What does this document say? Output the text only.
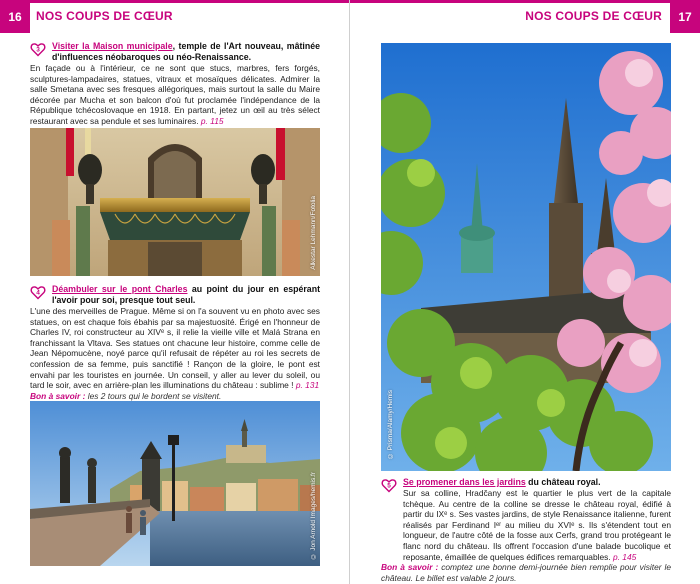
16	NOS COUPS DE CŒUR
3	Visiter la Maison municipale, temple de l'Art nouveau, mâtinée d'influences néobaroques ou néo-Renaissance.
En façade ou à l'intérieur, ce ne sont que stucs, marbres, fers forgés, sculptures-lampadaires, statues, vitraux et mosaïques délicates. Admirer la salle Smetana avec ses fresques allégoriques, mais surtout la salle du Maire décorée par Mucha et son balcon d'où fut proclamée l'indépendance de la République tchécoslovaque en 1918. En partant, jetez un œil au très sélect restaurant avec sa pendule et ses luminaires. p. 115
Alkestar Lehmann/Fotolia
4	Déambuler sur le pont Charles au point du jour en espérant l'avoir pour soi, presque tout seul.
L'une des merveilles de Prague. Même si on l'a souvent vu en photo avec ses statues, on est chaque fois ébahis par sa majestuosité. Érigé en l'honneur de Charles IV, roi constructeur au XIVᵉ s, il relie la vieille ville et Malá Strana en franchissant la Vltava. Ses statues ont chacune leur histoire, comme celle de Jean Népomucène, noyé parce qu'il refusait de répéter au roi les secrets de confession de sa femme, puis sanctifié ! Rançon de la gloire, le pont est envahi par les touristes en journée. Un conseil, y aller au lever du soleil, ou tard le soir, avec en arrière-plan les illuminations du château : sublime ! p. 131
Bon à savoir : les 2 tours qui le bordent se visitent.
© Jon Arnold Images/hemis.fr
17
NOS COUPS DE CŒUR
© Prisma/Alamy/Hemis
5	Se promener dans les jardins du château royal.
Sur sa colline, Hradčany est le quartier le plus vert de la capitale tchèque. Au centre de la colline se dresse le château royal, édifié à partir du IXᵉ s. Ses vastes jardins, de style Renaissance italienne, furent réalisés par Ferdinand Iᵉʳ au milieu du XVIᵉ s. Ils s'étendent tout en longueur, de l'autre côté de la fosse aux Cerfs, grand trou protégeant le flanc nord du château. Ils offrent l'occasion d'une balade bucolique et reposante, émaillée de quelques édifices remarquables. p. 145
Bon à savoir : comptez une bonne demi-journée bien remplie pour visiter le château. Le billet est valable 2 jours.
